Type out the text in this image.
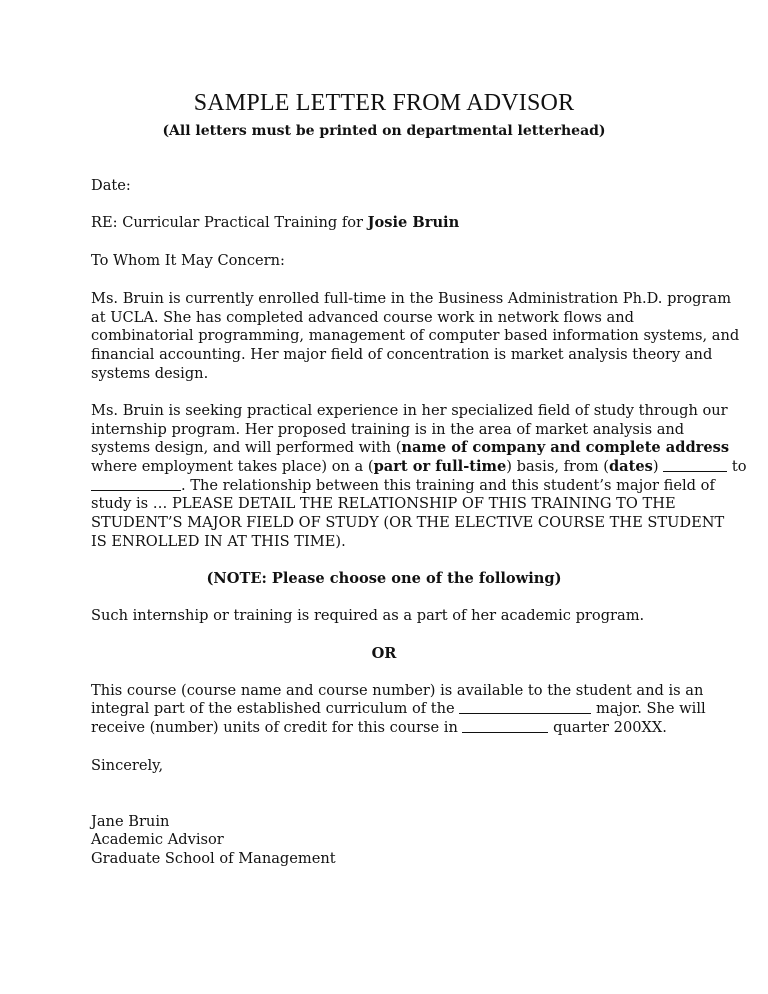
SAMPLE LETTER FROM ADVISOR
(All letters must be printed on departmental letterhead)
Date:
RE: Curricular Practical Training for Josie Bruin
To Whom It May Concern:
Ms. Bruin is currently enrolled full-time in the Business Administration Ph.D. program
at UCLA. She has completed advanced course work in network flows and
combinatorial programming, management of computer based information systems, and
financial accounting. Her major field of concentration is market analysis theory and
systems design.
Ms. Bruin is seeking practical experience in her specialized field of study through our
internship program. Her proposed training is in the area of market analysis and
systems design, and will performed with (name of company and complete address
where employment takes place) on a (part or full-time) basis, from (dates)	to
. The relationship between this training and this student’s major field of
study is … PLEASE DETAIL THE RELATIONSHIP OF THIS TRAINING TO THE
STUDENT’S MAJOR FIELD OF STUDY (OR THE ELECTIVE COURSE THE STUDENT
IS ENROLLED IN AT THIS TIME).
(NOTE: Please choose one of the following)
Such internship or training is required as a part of her academic program.
OR
This course (course name and course number) is available to the student and is an
integral part of the established curriculum of the	major. She will
receive (number) units of credit for this course in	quarter 200XX.
Sincerely,
Jane Bruin
Academic Advisor
Graduate School of Management
